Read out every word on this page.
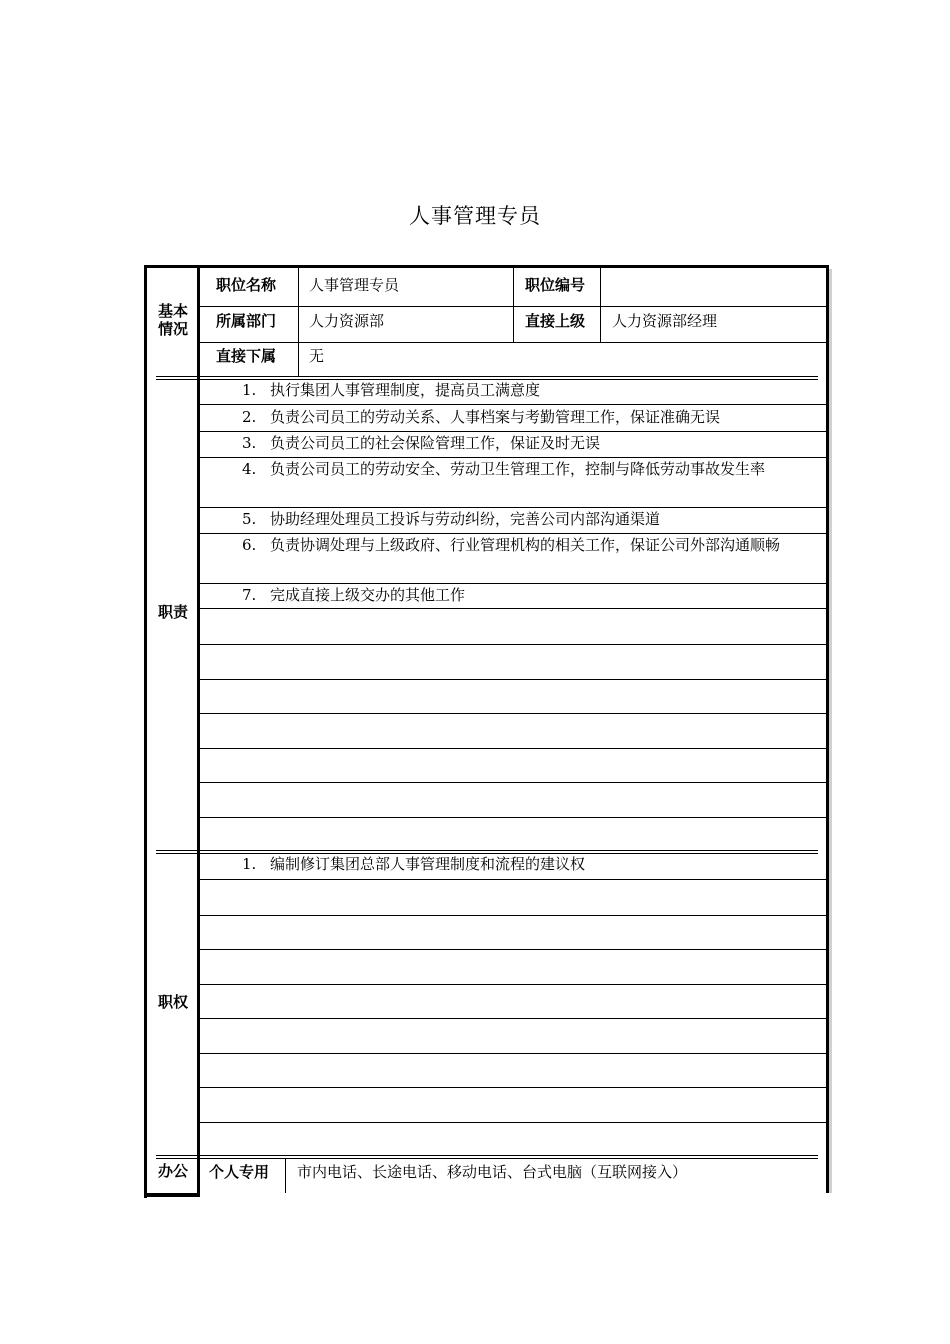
人事管理专员
基本
情况
职位名称 人事管理专员	职位编号
所属部门 人力资源部	直接上级 人力资源部经理
直接下属 无
职责
1. 执行集团人事管理制度，提高员工满意度
2. 负责公司员工的劳动关系、人事档案与考勤管理工作，保证准确无误
3. 负责公司员工的社会保险管理工作，保证及时无误
4. 负责公司员工的劳动安全、劳动卫生管理工作，控制与降低劳动事故发生率
5. 协助经理处理员工投诉与劳动纠纷，完善公司内部沟通渠道
6. 负责协调处理与上级政府、行业管理机构的相关工作，保证公司外部沟通顺畅
7. 完成直接上级交办的其他工作
职权
1. 编制修订集团总部人事管理制度和流程的建议权
办公	个人专用 市内电话、长途电话、移动电话、台式电脑（互联网接入）
